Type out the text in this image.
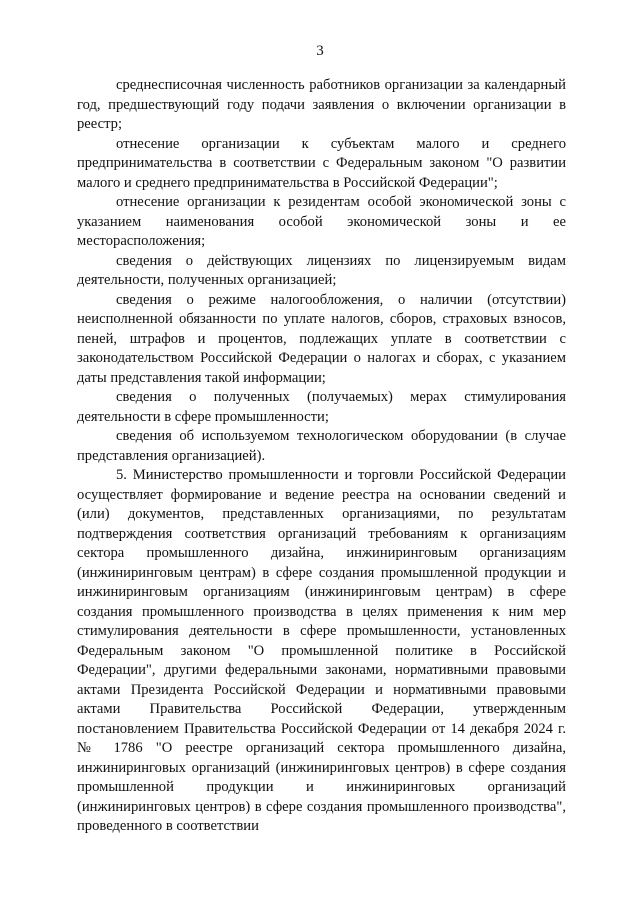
3

среднесписочная численность работников организации за календарный год, предшествующий году подачи заявления о включении организации в реестр;

отнесение организации к субъектам малого и среднего предпринимательства в соответствии с Федеральным законом "О развитии малого и среднего предпринимательства в Российской Федерации";

отнесение организации к резидентам особой экономической зоны с указанием наименования особой экономической зоны и ее месторасположения;

сведения о действующих лицензиях по лицензируемым видам деятельности, полученных организацией;

сведения о режиме налогообложения, о наличии (отсутствии) неисполненной обязанности по уплате налогов, сборов, страховых взносов, пеней, штрафов и процентов, подлежащих уплате в соответствии с законодательством Российской Федерации о налогах и сборах, с указанием даты представления такой информации;

сведения о полученных (получаемых) мерах стимулирования деятельности в сфере промышленности;

сведения об используемом технологическом оборудовании (в случае представления организацией).

5. Министерство промышленности и торговли Российской Федерации осуществляет формирование и ведение реестра на основании сведений и (или) документов, представленных организациями, по результатам подтверждения соответствия организаций требованиям к организациям сектора промышленного дизайна, инжиниринговым организациям (инжиниринговым центрам) в сфере создания промышленной продукции и инжиниринговым организациям (инжиниринговым центрам) в сфере создания промышленного производства в целях применения к ним мер стимулирования деятельности в сфере промышленности, установленных Федеральным законом "О промышленной политике в Российской Федерации", другими федеральными законами, нормативными правовыми актами Президента Российской Федерации и нормативными правовыми актами Правительства Российской Федерации, утвержденным постановлением Правительства Российской Федерации от 14 декабря 2024 г. № 1786 "О реестре организаций сектора промышленного дизайна, инжиниринговых организаций (инжиниринговых центров) в сфере создания промышленной продукции и инжиниринговых организаций (инжиниринговых центров) в сфере создания промышленного производства", проведенного в соответствии
